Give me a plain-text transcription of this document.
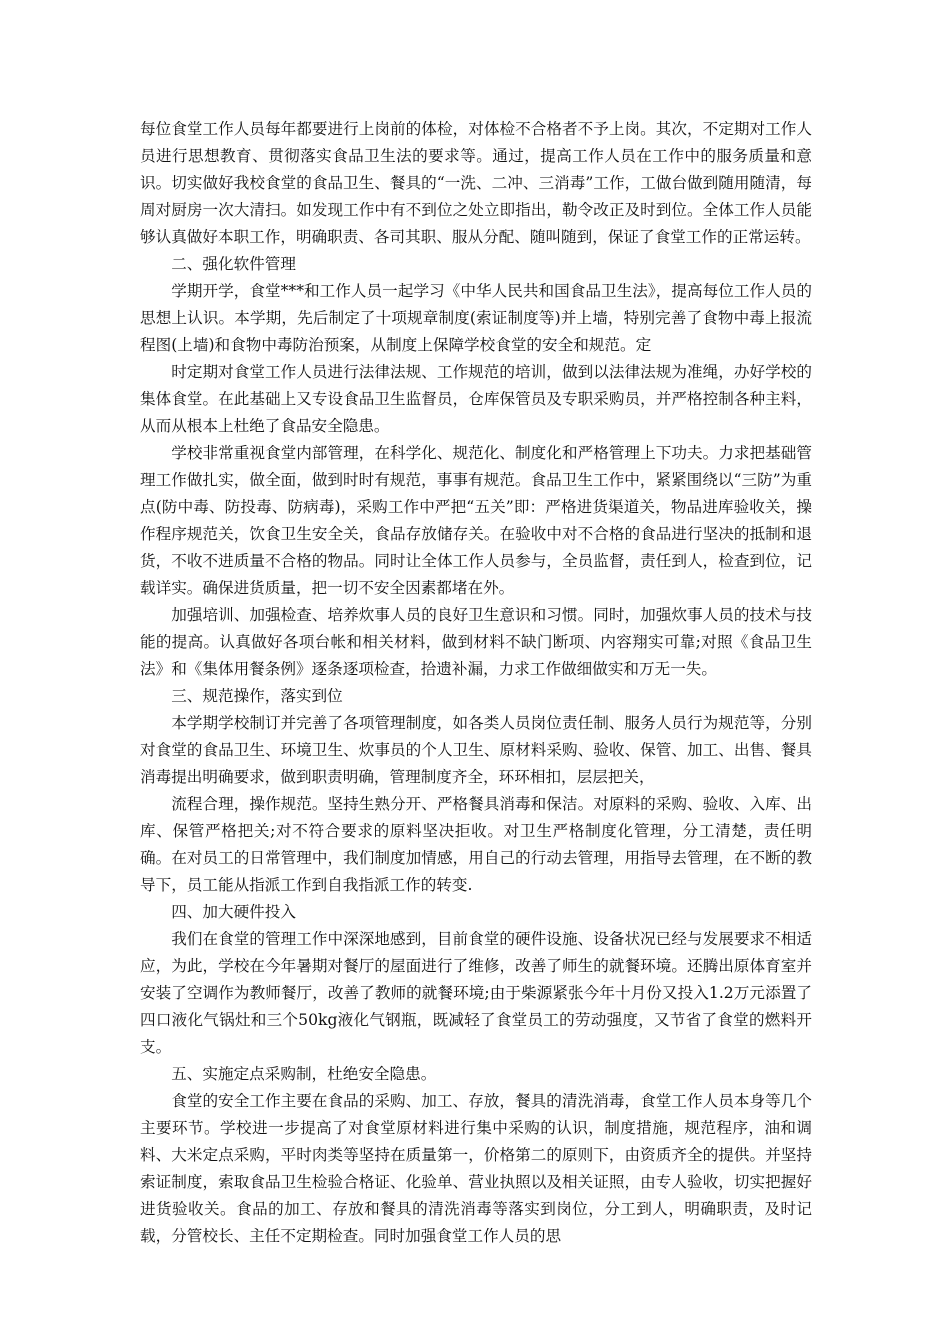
每位食堂工作人员每年都要进行上岗前的体检，对体检不合格者不予上岗。其次，不定期对工作人员进行思想教育、贯彻落实食品卫生法的要求等。通过，提高工作人员在工作中的服务质量和意识。切实做好我校食堂的食品卫生、餐具的“一洗、二冲、三消毒”工作，工做台做到随用随清，每周对厨房一次大清扫。如发现工作中有不到位之处立即指出，勒令改正及时到位。全体工作人员能够认真做好本职工作，明确职责、各司其职、服从分配、随叫随到，保证了食堂工作的正常运转。

二、强化软件管理

学期开学，食堂***和工作人员一起学习《中华人民共和国食品卫生法》，提高每位工作人员的思想上认识。本学期，先后制定了十项规章制度(索证制度等)并上墙，特别完善了食物中毒上报流程图(上墙)和食物中毒防治预案，从制度上保障学校食堂的安全和规范。定

时定期对食堂工作人员进行法律法规、工作规范的培训，做到以法律法规为准绳，办好学校的集体食堂。在此基础上又专设食品卫生监督员，仓库保管员及专职采购员，并严格控制各种主料，从而从根本上杜绝了食品安全隐患。

学校非常重视食堂内部管理，在科学化、规范化、制度化和严格管理上下功夫。力求把基础管理工作做扎实，做全面，做到时时有规范，事事有规范。食品卫生工作中，紧紧围绕以“三防”为重点(防中毒、防投毒、防病毒)，采购工作中严把“五关”即：严格进货渠道关，物品进库验收关，操作程序规范关，饮食卫生安全关，食品存放储存关。在验收中对不合格的食品进行坚决的抵制和退货，不收不进质量不合格的物品。同时让全体工作人员参与，全员监督，责任到人，检查到位，记载详实。确保进货质量，把一切不安全因素都堵在外。

加强培训、加强检查、培养炊事人员的良好卫生意识和习惯。同时，加强炊事人员的技术与技能的提高。认真做好各项台帐和相关材料，做到材料不缺门断项、内容翔实可靠;对照《食品卫生法》和《集体用餐条例》逐条逐项检查，拾遗补漏，力求工作做细做实和万无一失。

三、规范操作，落实到位

本学期学校制订并完善了各项管理制度，如各类人员岗位责任制、服务人员行为规范等，分别对食堂的食品卫生、环境卫生、炊事员的个人卫生、原材料采购、验收、保管、加工、出售、餐具消毒提出明确要求，做到职责明确，管理制度齐全，环环相扣，层层把关，

流程合理，操作规范。坚持生熟分开、严格餐具消毒和保洁。对原料的采购、验收、入库、出库、保管严格把关;对不符合要求的原料坚决拒收。对卫生严格制度化管理，分工清楚，责任明确。在对员工的日常管理中，我们制度加情感，用自己的行动去管理，用指导去管理，在不断的教导下，员工能从指派工作到自我指派工作的转变.

四、加大硬件投入

我们在食堂的管理工作中深深地感到，目前食堂的硬件设施、设备状况已经与发展要求不相适应，为此，学校在今年暑期对餐厅的屋面进行了维修，改善了师生的就餐环境。还腾出原体育室并安装了空调作为教师餐厅，改善了教师的就餐环境;由于柴源紧张今年十月份又投入1.2万元添置了四口液化气锅灶和三个50kg液化气钢瓶，既减轻了食堂员工的劳动强度，又节省了食堂的燃料开支。

五、实施定点采购制，杜绝安全隐患。

食堂的安全工作主要在食品的采购、加工、存放，餐具的清洗消毒，食堂工作人员本身等几个主要环节。学校进一步提高了对食堂原材料进行集中采购的认识，制度措施，规范程序，油和调料、大米定点采购，平时肉类等坚持在质量第一，价格第二的原则下，由资质齐全的提供。并坚持索证制度，索取食品卫生检验合格证、化验单、营业执照以及相关证照，由专人验收，切实把握好进货验收关。食品的加工、存放和餐具的清洗消毒等落实到岗位，分工到人，明确职责，及时记载，分管校长、主任不定期检查。同时加强食堂工作人员的思
